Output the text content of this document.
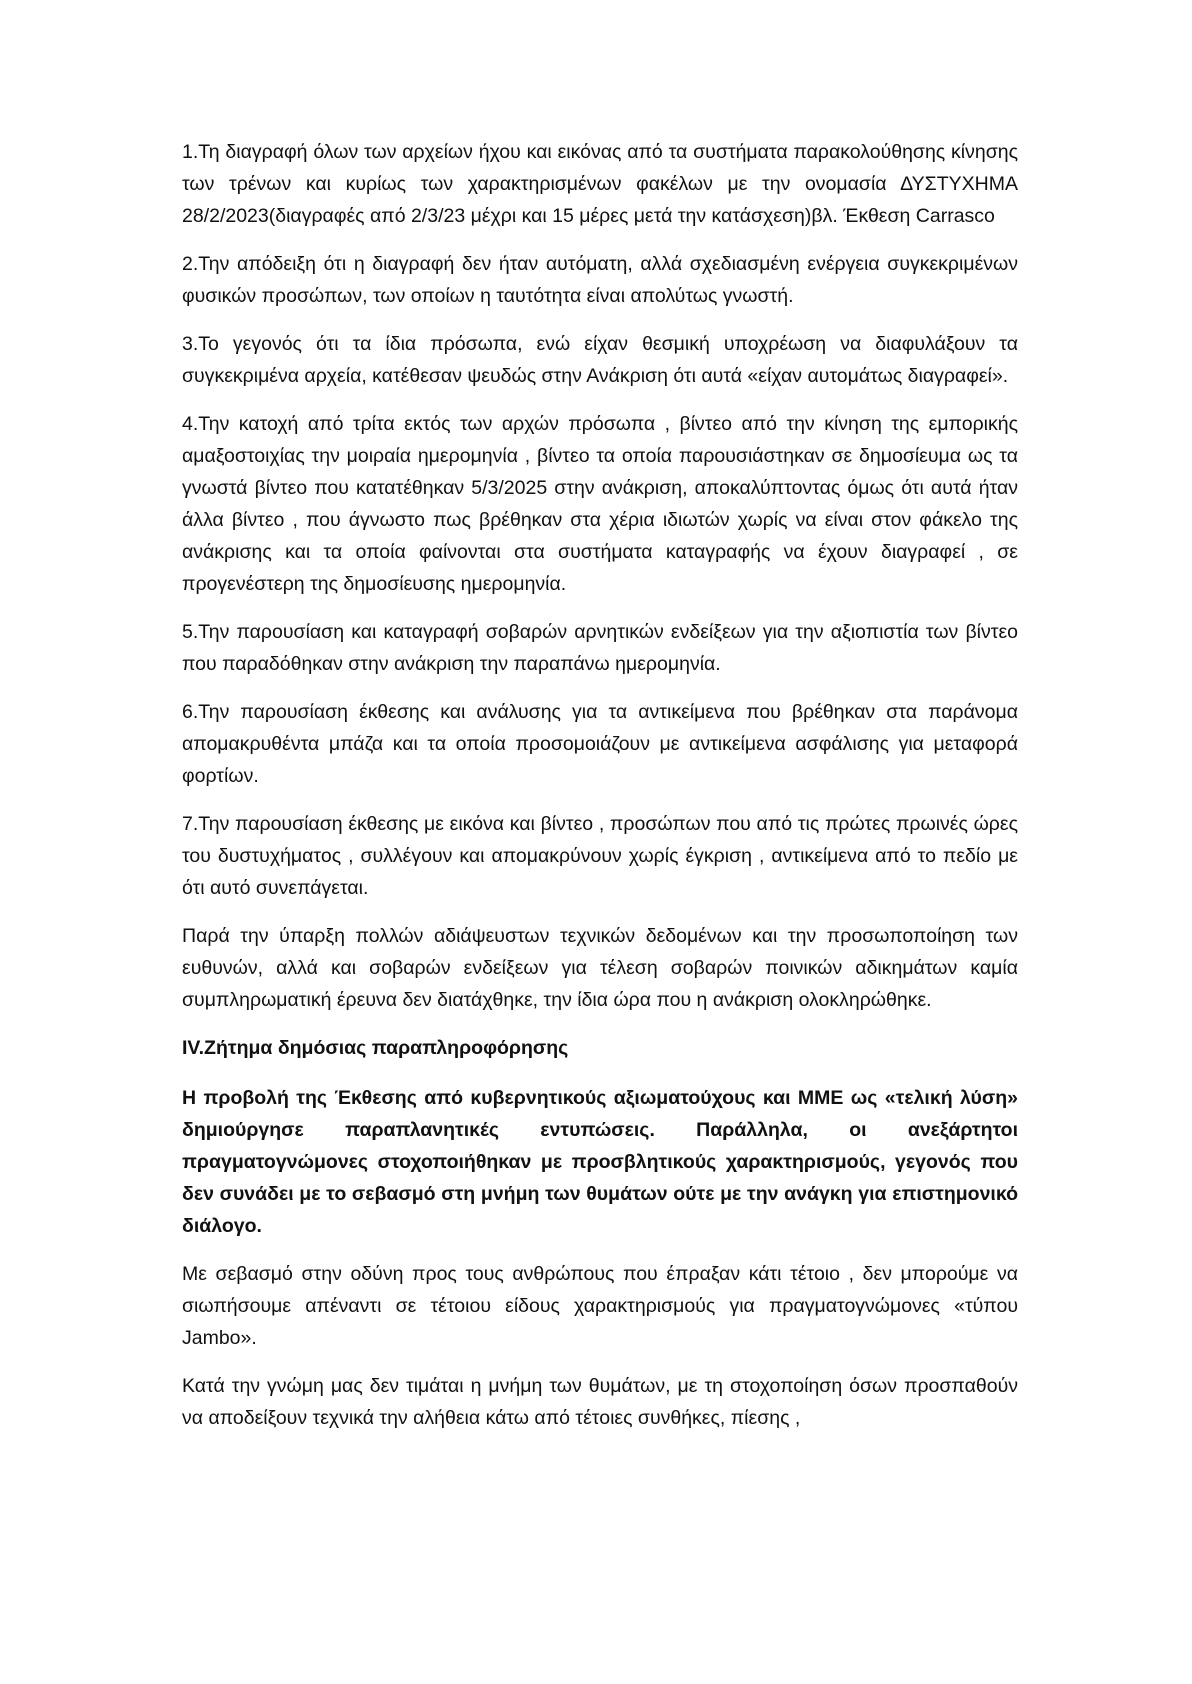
1.Τη διαγραφή όλων των αρχείων ήχου και εικόνας από τα συστήματα παρακολούθησης κίνησης των τρένων και κυρίως των χαρακτηρισμένων φακέλων με την ονομασία ΔΥΣΤΥΧΗΜΑ 28/2/2023(διαγραφές από 2/3/23 μέχρι και 15 μέρες μετά την κατάσχεση)βλ. Έκθεση Carrasco

2.Την απόδειξη ότι η διαγραφή δεν ήταν αυτόματη, αλλά σχεδιασμένη ενέργεια συγκεκριμένων φυσικών προσώπων, των οποίων η ταυτότητα είναι απολύτως γνωστή.

3.Το γεγονός ότι τα ίδια πρόσωπα, ενώ είχαν θεσμική υποχρέωση να διαφυλάξουν τα συγκεκριμένα αρχεία, κατέθεσαν ψευδώς στην Ανάκριση ότι αυτά «είχαν αυτομάτως διαγραφεί».

4.Την κατοχή από τρίτα εκτός των αρχών πρόσωπα , βίντεο από την κίνηση της εμπορικής αμαξοστοιχίας την μοιραία ημερομηνία , βίντεο τα οποία παρουσιάστηκαν σε δημοσίευμα ως τα γνωστά βίντεο που κατατέθηκαν 5/3/2025 στην ανάκριση, αποκαλύπτοντας όμως ότι αυτά ήταν άλλα βίντεο , που άγνωστο πως βρέθηκαν στα χέρια ιδιωτών χωρίς να είναι στον φάκελο της ανάκρισης και τα οποία φαίνονται στα συστήματα καταγραφής να έχουν διαγραφεί , σε προγενέστερη της δημοσίευσης ημερομηνία.

5.Την παρουσίαση και καταγραφή σοβαρών αρνητικών ενδείξεων για την αξιοπιστία των βίντεο που παραδόθηκαν στην ανάκριση την παραπάνω ημερομηνία.

6.Την παρουσίαση έκθεσης και ανάλυσης για τα αντικείμενα που βρέθηκαν στα παράνομα απομακρυθέντα μπάζα και τα οποία προσομοιάζουν με αντικείμενα ασφάλισης για μεταφορά φορτίων.

7.Την παρουσίαση έκθεσης με εικόνα και βίντεο , προσώπων που από τις πρώτες πρωινές ώρες του δυστυχήματος , συλλέγουν και απομακρύνουν χωρίς έγκριση , αντικείμενα από το πεδίο με ότι αυτό συνεπάγεται.

Παρά την ύπαρξη πολλών αδιάψευστων τεχνικών δεδομένων και την προσωποποίηση των ευθυνών, αλλά και σοβαρών ενδείξεων για τέλεση σοβαρών ποινικών αδικημάτων καμία συμπληρωματική έρευνα δεν διατάχθηκε, την ίδια ώρα που η ανάκριση ολοκληρώθηκε.

IV.Ζήτημα δημόσιας παραπληροφόρησης

Η προβολή της Έκθεσης από κυβερνητικούς αξιωματούχους και ΜΜΕ ως «τελική λύση» δημιούργησε παραπλανητικές εντυπώσεις. Παράλληλα, οι ανεξάρτητοι πραγματογνώμονες στοχοποιήθηκαν με προσβλητικούς χαρακτηρισμούς, γεγονός που δεν συνάδει με το σεβασμό στη μνήμη των θυμάτων ούτε με την ανάγκη για επιστημονικό διάλογο.

Με σεβασμό στην οδύνη προς τους ανθρώπους που έπραξαν κάτι τέτοιο , δεν μπορούμε να σιωπήσουμε απέναντι σε τέτοιου είδους χαρακτηρισμούς για πραγματογνώμονες «τύπου Jambo».

Κατά την γνώμη μας δεν τιμάται η μνήμη των θυμάτων, με τη στοχοποίηση όσων προσπαθούν να αποδείξουν τεχνικά την αλήθεια κάτω από τέτοιες συνθήκες, πίεσης ,
